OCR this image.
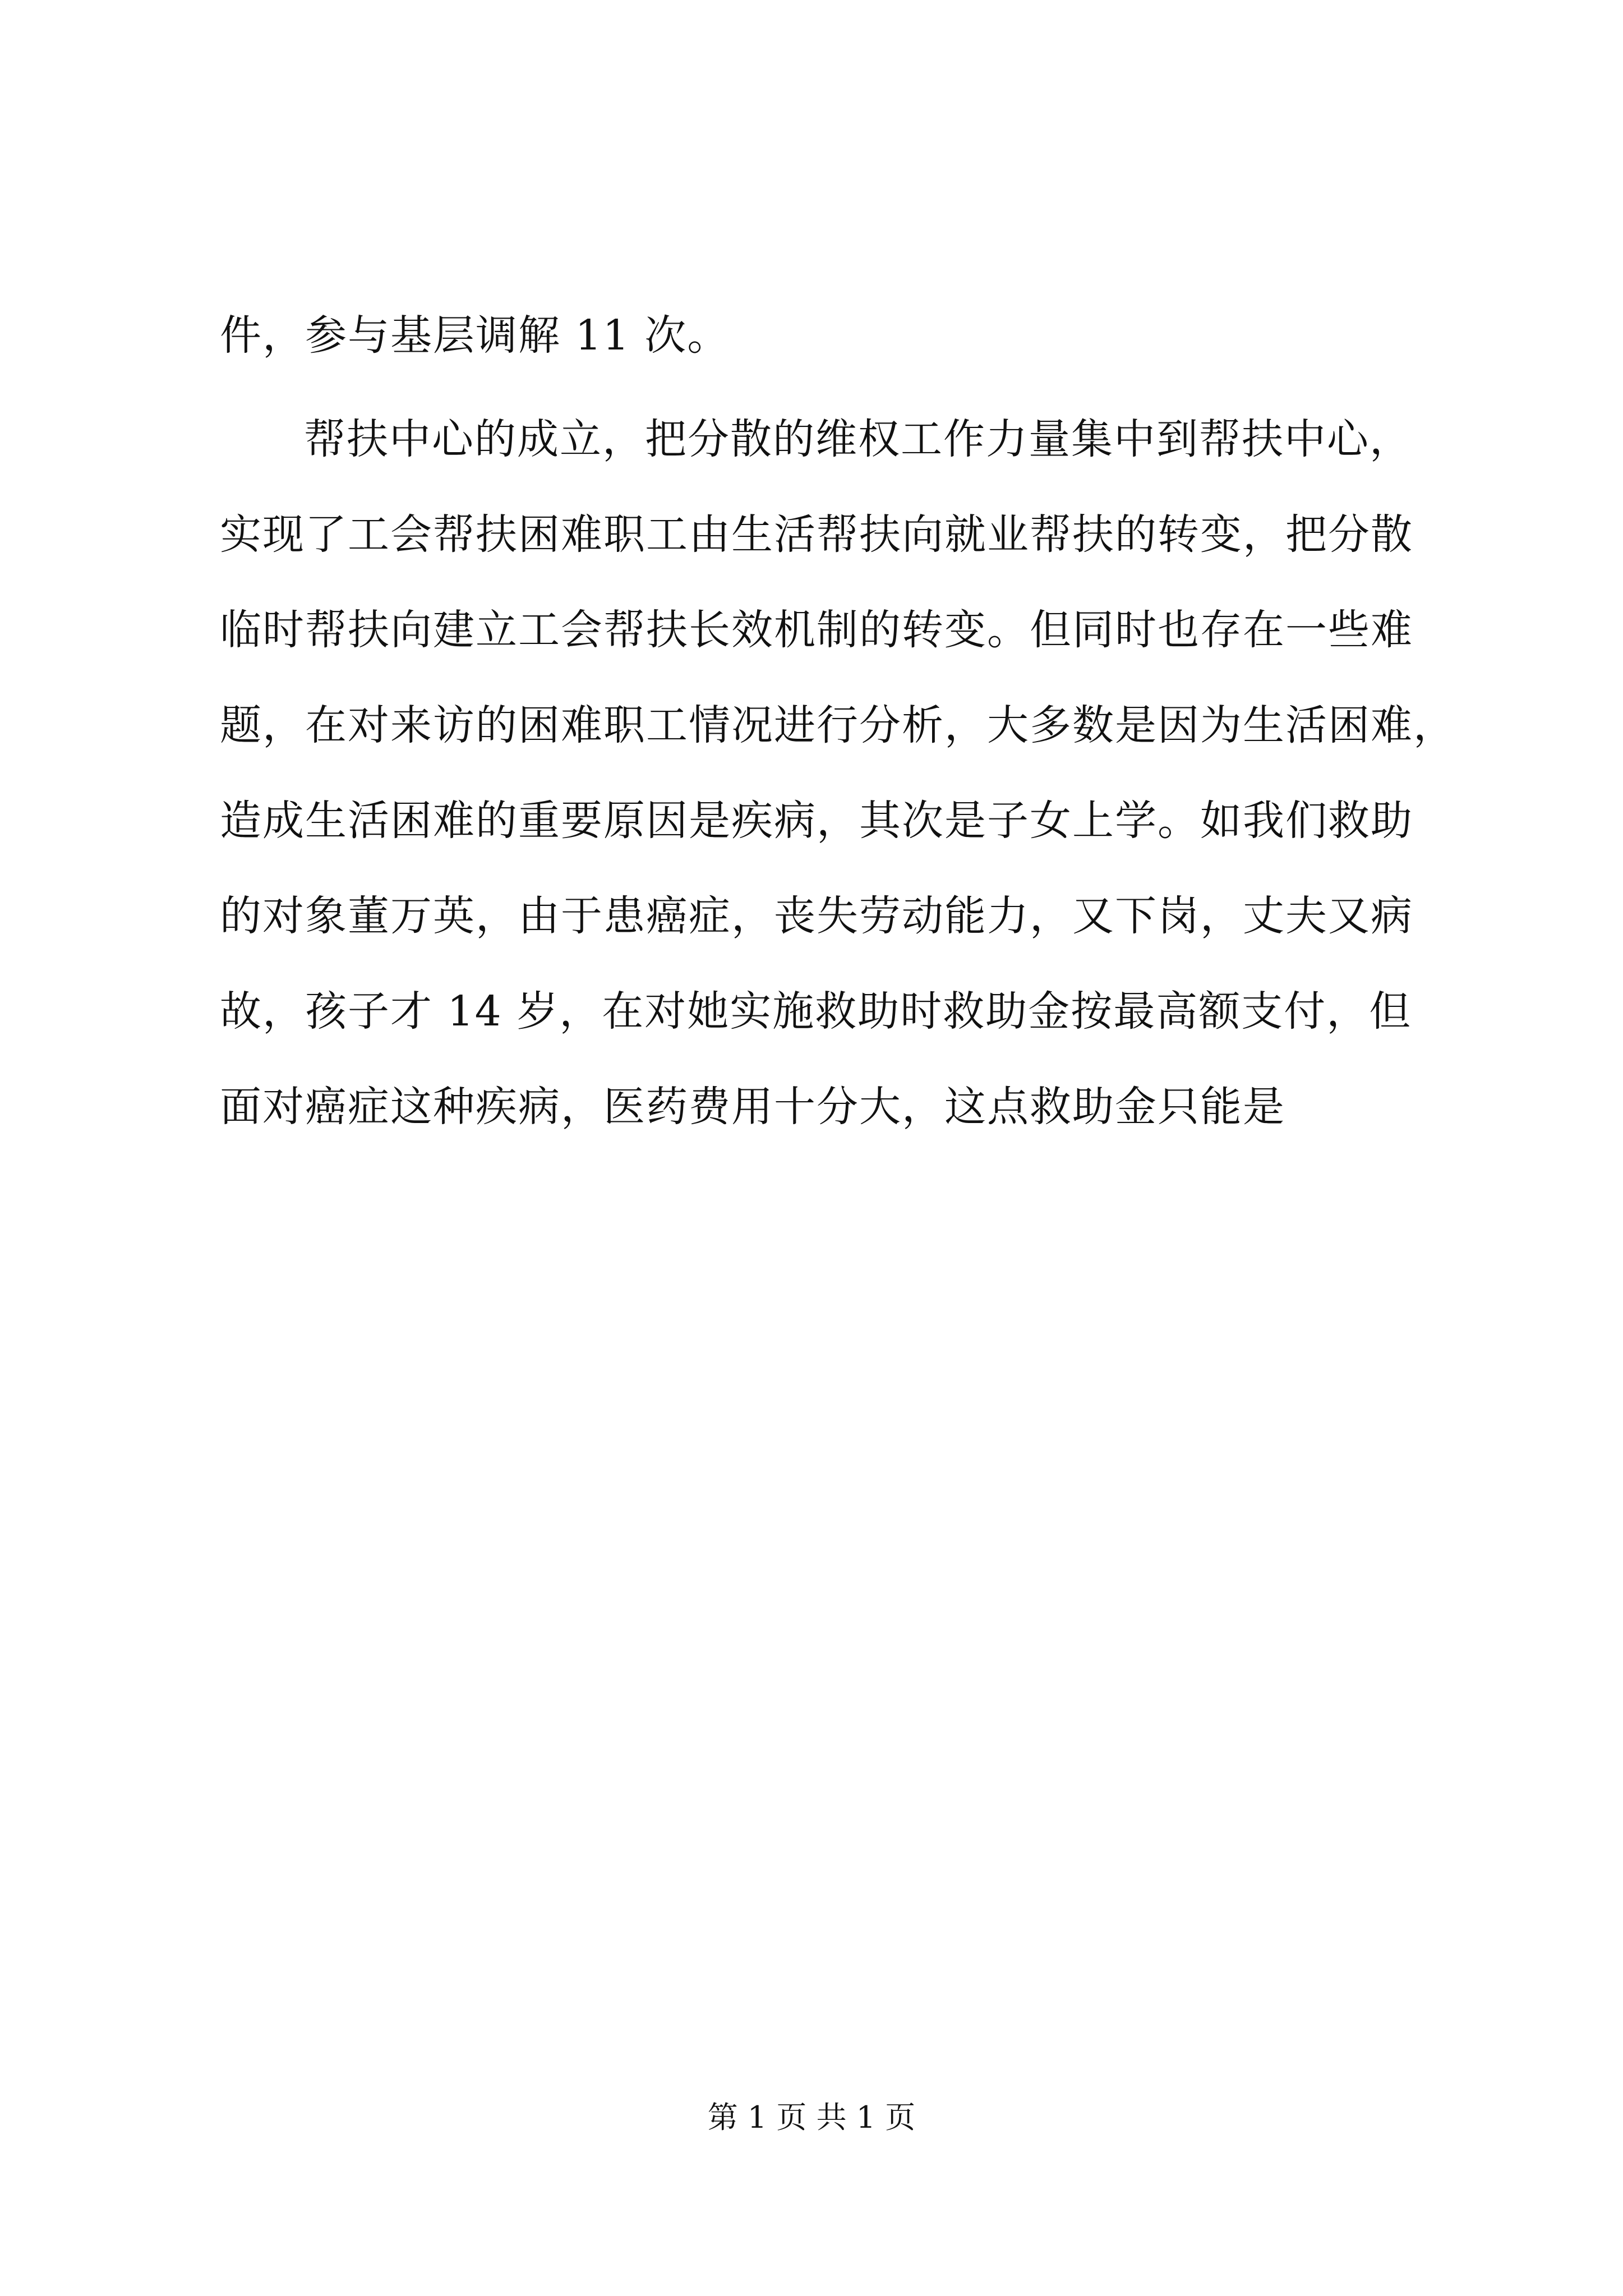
件，参与基层调解 11 次。
帮扶中心的成立，把分散的维权工作力量集中到帮扶中心，
实现了工会帮扶困难职工由生活帮扶向就业帮扶的转变，把分散
临时帮扶向建立工会帮扶长效机制的转变。但同时也存在一些难
题，在对来访的困难职工情况进行分析，大多数是因为生活困难，
造成生活困难的重要原因是疾病，其次是子女上学。如我们救助
的对象董万英，由于患癌症，丧失劳动能力，又下岗，丈夫又病
故，孩子才 14 岁，在对她实施救助时救助金按最高额支付，但
面对癌症这种疾病，医药费用十分大，这点救助金只能是
第 1 页 共 1 页
